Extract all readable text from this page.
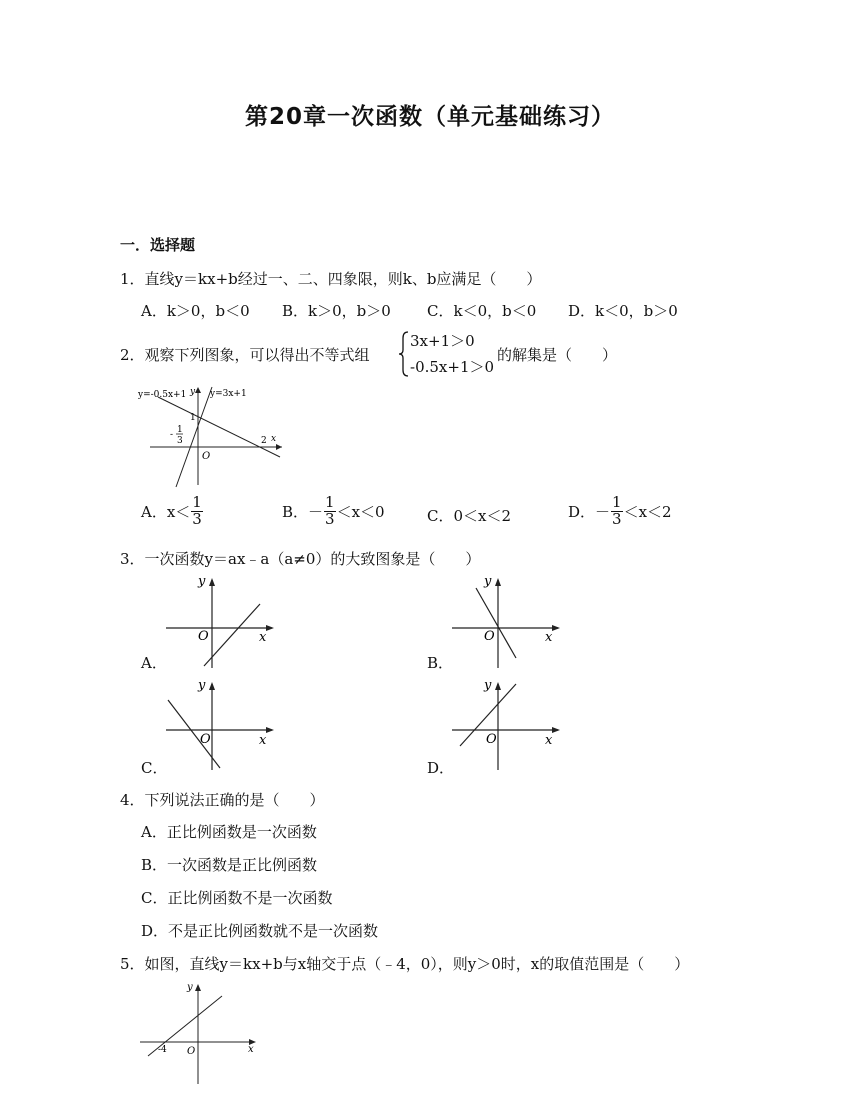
第20章一次函数（单元基础练习）
一．选择题
1．直线y＝kx+b经过一、二、四象限，则k、b应满足（　　）
A．k＞0，b＜0 B．k＞0，b＞0 C．k＜0，b＜0 D．k＜0，b＞0
2．观察下列图象，可以得出不等式组
3x+1＞0
-0.5x+1＞0
的解集是（　　）
y=-0.5x+1	y=3x+1
y
x
1
- 1
3	2
O
A．$x< \frac{1}{3}$	B．－ $\frac{1}{3} <x<0$	C．0＜x＜2	D．－ $\frac{1}{3} <x<2$
3．一次函数y＝ax﹣a（a≠0）的大致图象是（　　）
y
x
O
A．
y
x
O
B．
y
x
O
C．
y
x
O
D．
4．下列说法正确的是（　　）
A．正比例函数是一次函数
B．一次函数是正比例函数
C．正比例函数不是一次函数
D．不是正比例函数就不是一次函数
5．如图，直线y＝kx+b与x轴交于点（﹣4，0），则y＞0时，x的取值范围是（　　）
y
x
-4 O
